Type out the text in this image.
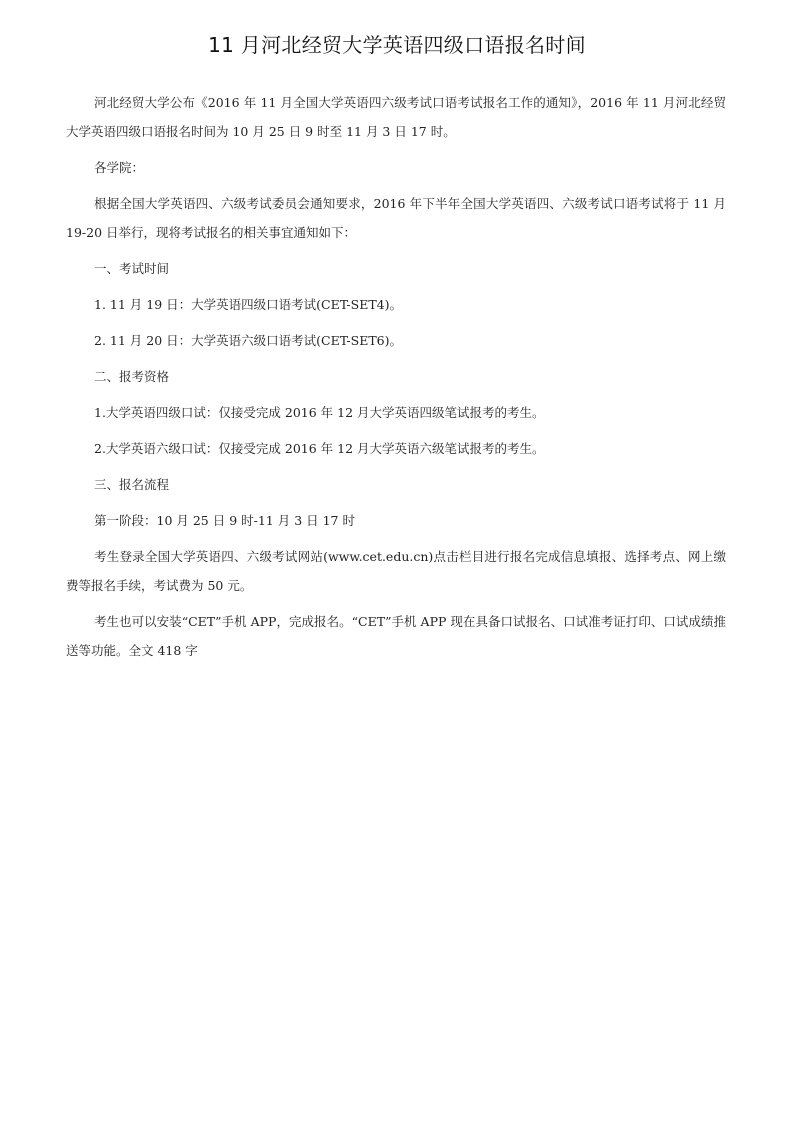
11 月河北经贸大学英语四级口语报名时间

河北经贸大学公布《2016 年 11 月全国大学英语四六级考试口语考试报名工作的通知》，2016 年 11 月河北经贸大学英语四级口语报名时间为 10 月 25 日 9 时至 11 月 3 日 17 时。

各学院：

根据全国大学英语四、六级考试委员会通知要求，2016 年下半年全国大学英语四、六级考试口语考试将于 11 月 19-20 日举行，现将考试报名的相关事宜通知如下：

一、考试时间

1. 11 月 19 日：大学英语四级口语考试(CET-SET4)。

2. 11 月 20 日：大学英语六级口语考试(CET-SET6)。

二、报考资格

1.大学英语四级口试：仅接受完成 2016 年 12 月大学英语四级笔试报考的考生。

2.大学英语六级口试：仅接受完成 2016 年 12 月大学英语六级笔试报考的考生。

三、报名流程

第一阶段：10 月 25 日 9 时-11 月 3 日 17 时

考生登录全国大学英语四、六级考试网站(www.cet.edu.cn)点击栏目进行报名完成信息填报、选择考点、网上缴费等报名手续，考试费为 50 元。

考生也可以安装“CET”手机 APP，完成报名。“CET”手机 APP 现在具备口试报名、口试准考证打印、口试成绩推送等功能。全文 418 字
